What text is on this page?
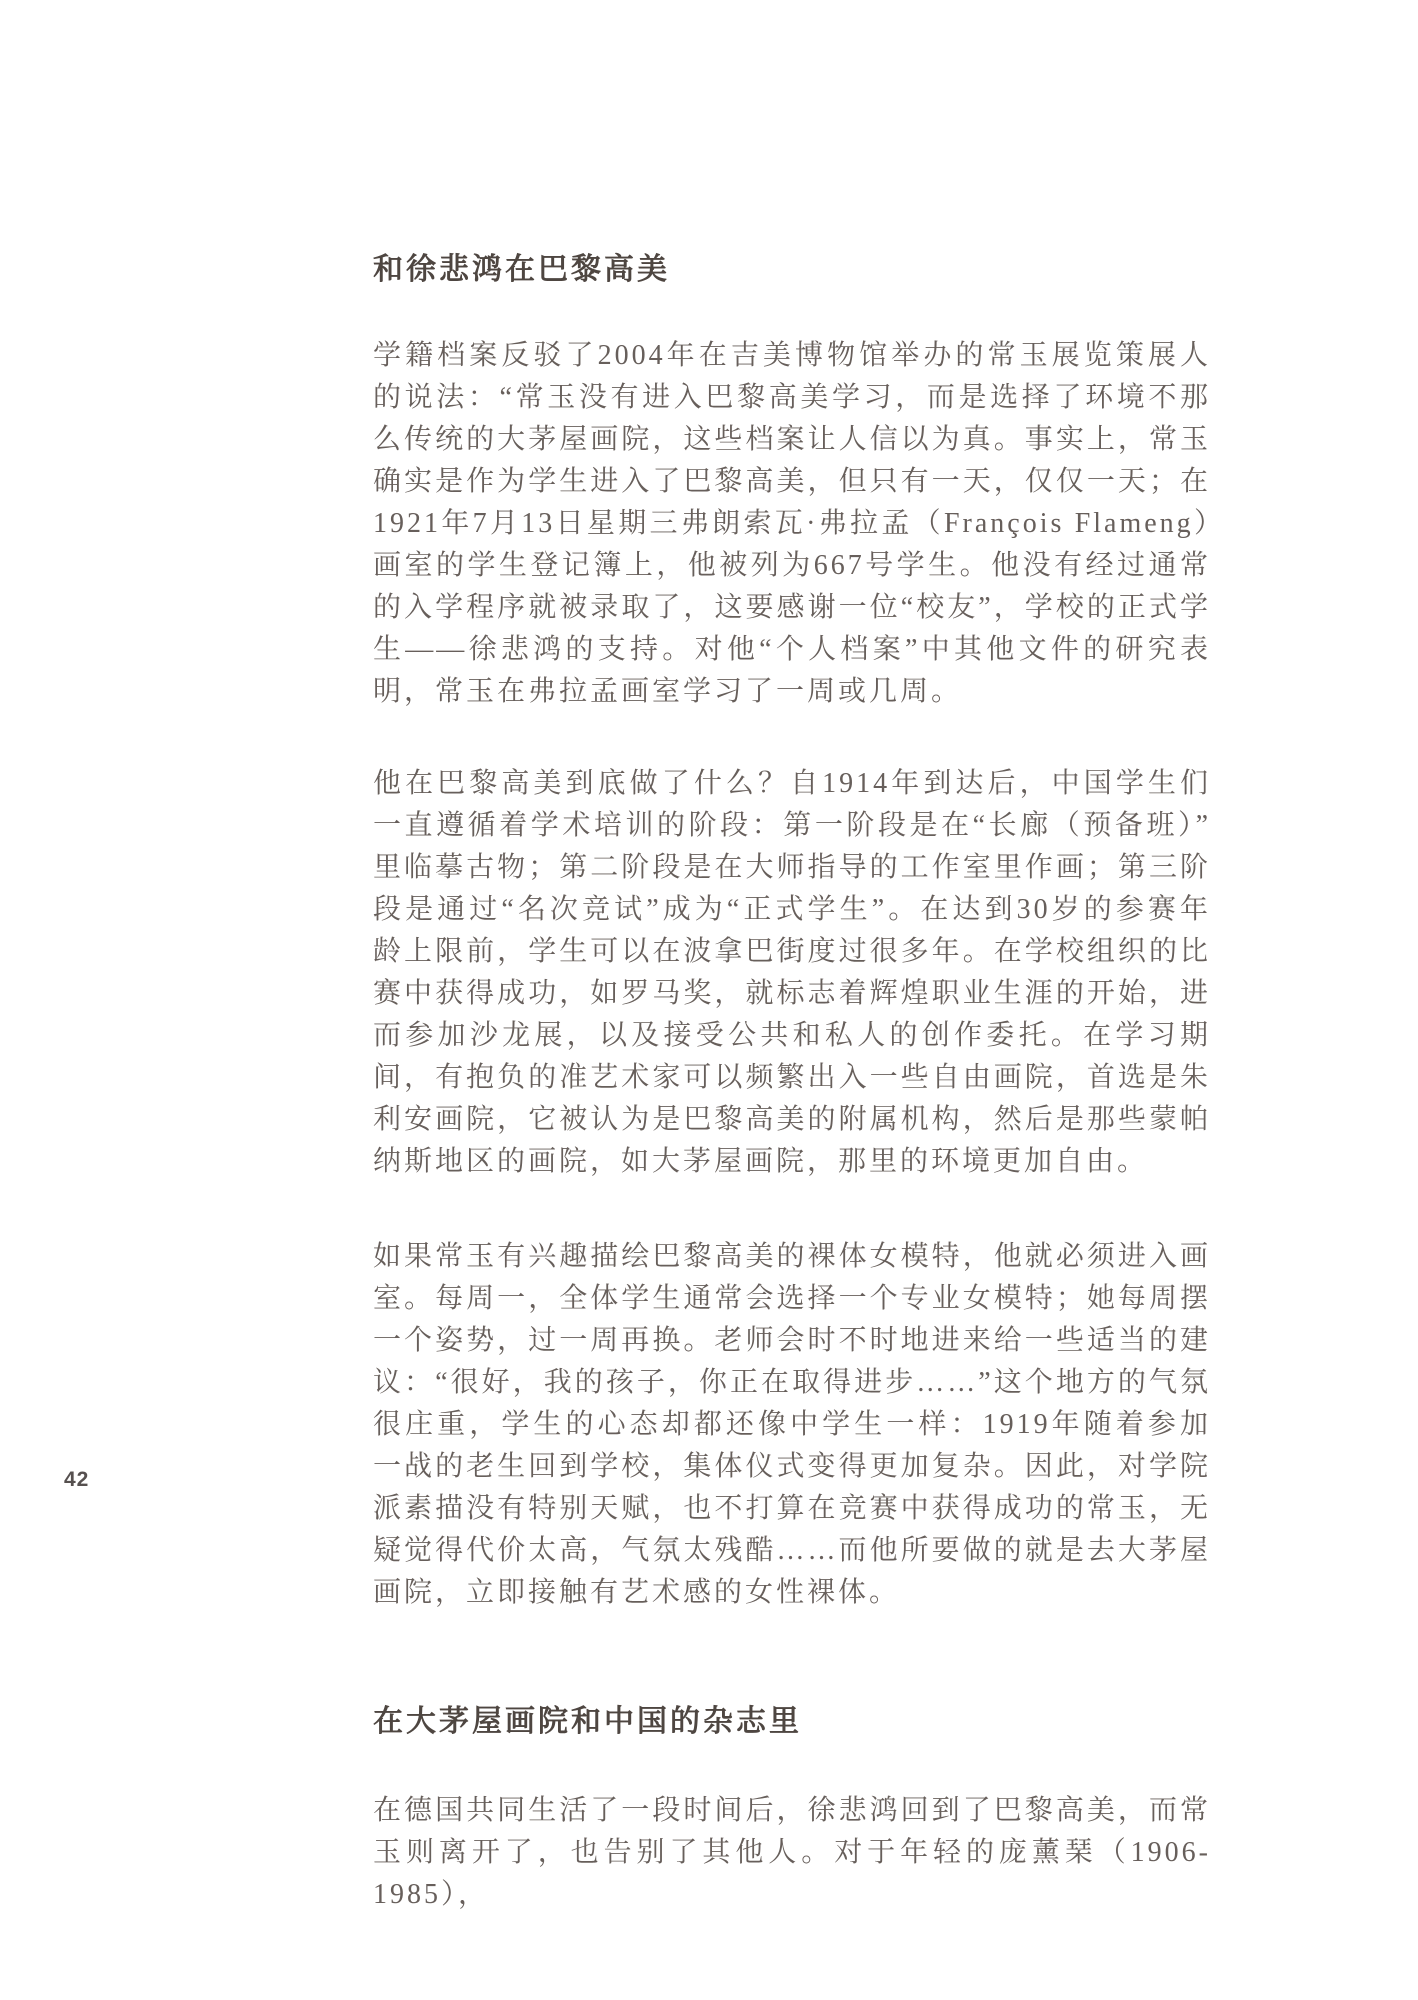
42
和徐悲鸿在巴黎高美

学籍档案反驳了2004年在吉美博物馆举办的常玉展览策展人的说法：“常玉没有进入巴黎高美学习，而是选择了环境不那么传统的大茅屋画院，这些档案让人信以为真。事实上，常玉确实是作为学生进入了巴黎高美，但只有一天，仅仅一天；在1921年7月13日星期三弗朗索瓦·弗拉孟（François Flameng）画室的学生登记簿上，他被列为667号学生。他没有经过通常的入学程序就被录取了，这要感谢一位“校友”，学校的正式学生——徐悲鸿的支持。对他“个人档案”中其他文件的研究表明，常玉在弗拉孟画室学习了一周或几周。

他在巴黎高美到底做了什么？自1914年到达后，中国学生们一直遵循着学术培训的阶段：第一阶段是在“长廊（预备班）”里临摹古物；第二阶段是在大师指导的工作室里作画；第三阶段是通过“名次竞试”成为“正式学生”。在达到30岁的参赛年龄上限前，学生可以在波拿巴街度过很多年。在学校组织的比赛中获得成功，如罗马奖，就标志着辉煌职业生涯的开始，进而参加沙龙展，以及接受公共和私人的创作委托。在学习期间，有抱负的准艺术家可以频繁出入一些自由画院，首选是朱利安画院，它被认为是巴黎高美的附属机构，然后是那些蒙帕纳斯地区的画院，如大茅屋画院，那里的环境更加自由。

如果常玉有兴趣描绘巴黎高美的裸体女模特，他就必须进入画室。每周一，全体学生通常会选择一个专业女模特；她每周摆一个姿势，过一周再换。老师会时不时地进来给一些适当的建议：“很好，我的孩子，你正在取得进步……”这个地方的气氛很庄重，学生的心态却都还像中学生一样：1919年随着参加一战的老生回到学校，集体仪式变得更加复杂。因此，对学院派素描没有特别天赋，也不打算在竞赛中获得成功的常玉，无疑觉得代价太高，气氛太残酷……而他所要做的就是去大茅屋画院，立即接触有艺术感的女性裸体。

在大茅屋画院和中国的杂志里

在德国共同生活了一段时间后，徐悲鸿回到了巴黎高美，而常玉则离开了，也告别了其他人。对于年轻的庞薰琹（1906-1985），
